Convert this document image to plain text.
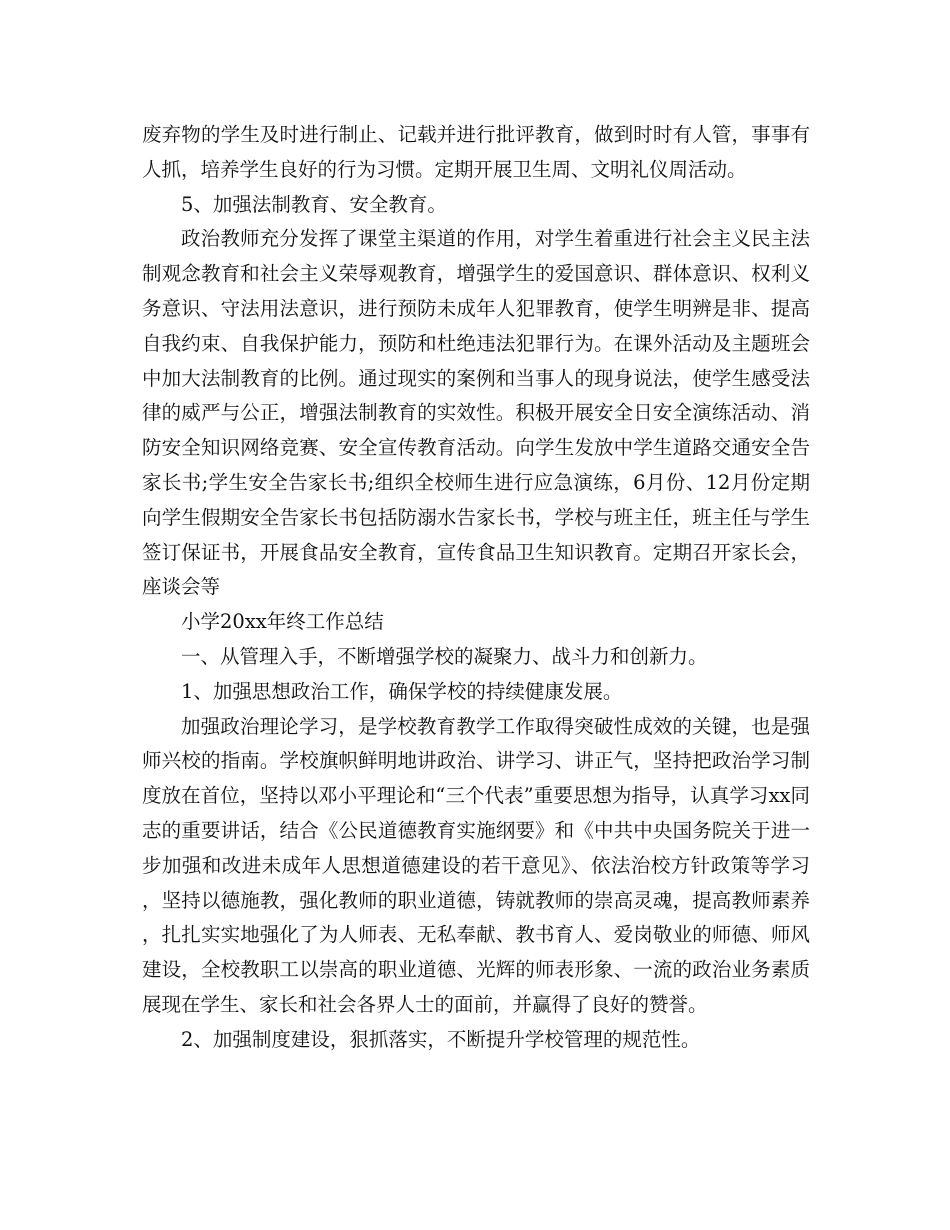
废弃物的学生及时进行制止、记载并进行批评教育，做到时时有人管，事事有人抓，培养学生良好的行为习惯。定期开展卫生周、文明礼仪周活动。

5、加强法制教育、安全教育。

政治教师充分发挥了课堂主渠道的作用，对学生着重进行社会主义民主法制观念教育和社会主义荣辱观教育，增强学生的爱国意识、群体意识、权利义务意识、守法用法意识，进行预防未成年人犯罪教育，使学生明辨是非、提高自我约束、自我保护能力，预防和杜绝违法犯罪行为。在课外活动及主题班会中加大法制教育的比例。通过现实的案例和当事人的现身说法，使学生感受法律的威严与公正，增强法制教育的实效性。积极开展安全日安全演练活动、消防安全知识网络竞赛、安全宣传教育活动。向学生发放中学生道路交通安全告家长书;学生安全告家长书;组织全校师生进行应急演练，6月份、12月份定期向学生假期安全告家长书包括防溺水告家长书，学校与班主任，班主任与学生签订保证书，开展食品安全教育，宣传食品卫生知识教育。定期召开家长会，座谈会等

小学20xx年终工作总结

一、从管理入手，不断增强学校的凝聚力、战斗力和创新力。

1、加强思想政治工作，确保学校的持续健康发展。

加强政治理论学习，是学校教育教学工作取得突破性成效的关键，也是强师兴校的指南。学校旗帜鲜明地讲政治、讲学习、讲正气，坚持把政治学习制度放在首位，坚持以邓小平理论和“三个代表”重要思想为指导，认真学习xx同志的重要讲话，结合《公民道德教育实施纲要》和《中共中央国务院关于进一步加强和改进未成年人思想道德建设的若干意见》、依法治校方针政策等学习，坚持以德施教，强化教师的职业道德，铸就教师的崇高灵魂，提高教师素养，扎扎实实地强化了为人师表、无私奉献、教书育人、爱岗敬业的师德、师风建设，全校教职工以崇高的职业道德、光辉的师表形象、一流的政治业务素质展现在学生、家长和社会各界人士的面前，并赢得了良好的赞誉。

2、加强制度建设，狠抓落实，不断提升学校管理的规范性。
